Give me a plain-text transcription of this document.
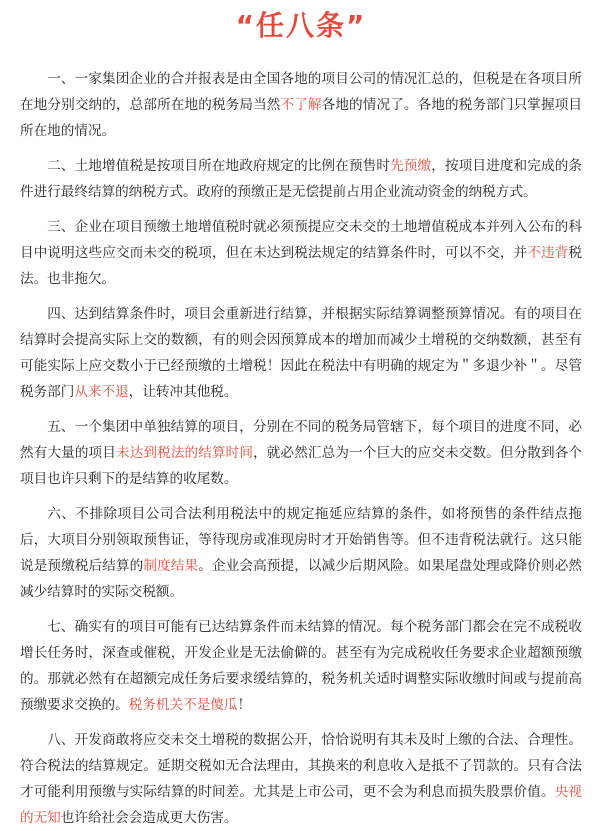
“任八条”

一、一家集团企业的合并报表是由全国各地的项目公司的情况汇总的，但税是在各项目所在地分别交纳的，总部所在地的税务局当然不了解各地的情况了。各地的税务部门只掌握项目所在地的情况。

二、土地增值税是按项目所在地政府规定的比例在预售时先预缴，按项目进度和完成的条件进行最终结算的纳税方式。政府的预缴正是无偿提前占用企业流动资金的纳税方式。

三、企业在项目预缴土地增值税时就必须预提应交未交的土地增值税成本并列入公布的科目中说明这些应交而未交的税项，但在未达到税法规定的结算条件时，可以不交，并不违背税法。也非拖欠。

四、达到结算条件时，项目会重新进行结算，并根据实际结算调整预算情况。有的项目在结算时会提高实际上交的数额，有的则会因预算成本的增加而减少土增税的交纳数额，甚至有可能实际上应交数小于已经预缴的土增税！因此在税法中有明确的规定为＂多退少补＂。尽管税务部门从来不退，让转冲其他税。

五、一个集团中单独结算的项目，分别在不同的税务局管辖下，每个项目的进度不同，必然有大量的项目未达到税法的结算时间，就必然汇总为一个巨大的应交未交数。但分散到各个项目也许只剩下的是结算的收尾数。

六、不排除项目公司合法利用税法中的规定拖延应结算的条件，如将预售的条件结点拖后，大项目分别领取预售证，等待现房或准现房时才开始销售等。但不违背税法就行。这只能说是预缴税后结算的制度结果。企业会高预提，以减少后期风险。如果尾盘处理或降价则必然减少结算时的实际交税额。

七、确实有的项目可能有已达结算条件而未结算的情况。每个税务部门都会在完不成税收增长任务时，深查或催税，开发企业是无法偷僻的。甚至有为完成税收任务要求企业超额预缴的。那就必然有在超额完成任务后要求缓结算的，税务机关适时调整实际收缴时间或与提前高预缴要求交换的。税务机关不是傻瓜！

八、开发商敢将应交未交土增税的数据公开，恰恰说明有其未及时上缴的合法、合理性。符合税法的结算规定。延期交税如无合法理由，其换来的利息收入是抵不了罚款的。只有合法才可能利用预缴与实际结算的时间差。尤其是上市公司，更不会为利息而损失股票价值。央视的无知也许给社会会造成更大伤害。
